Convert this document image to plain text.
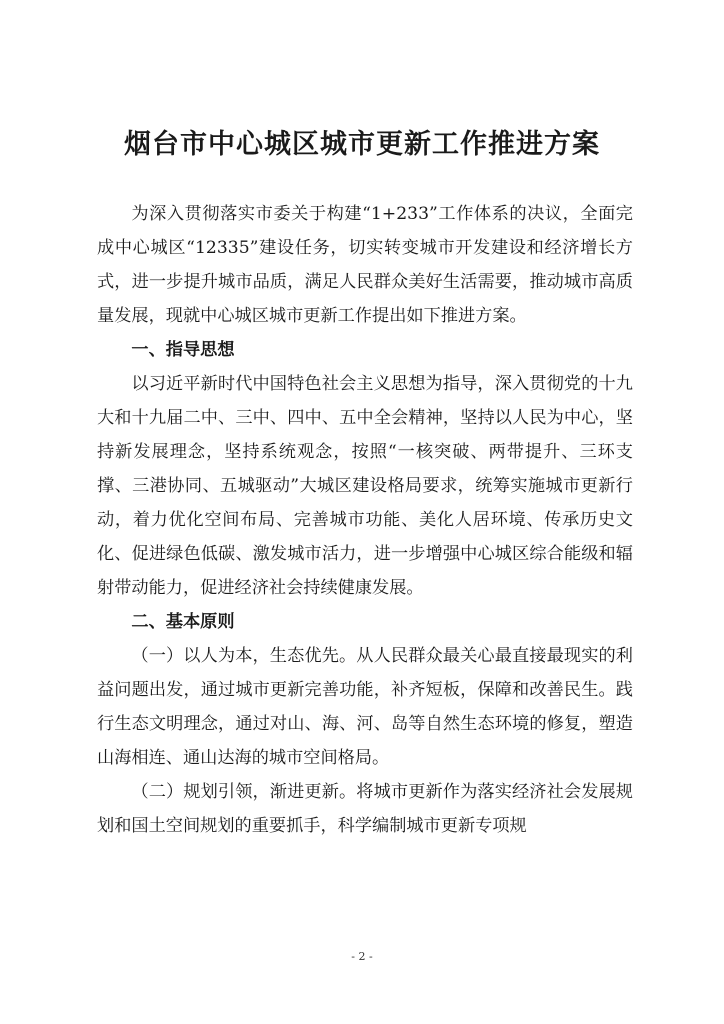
烟台市中心城区城市更新工作推进方案

为深入贯彻落实市委关于构建“1+233”工作体系的决议，全面完成中心城区“12335”建设任务，切实转变城市开发建设和经济增长方式，进一步提升城市品质，满足人民群众美好生活需要，推动城市高质量发展，现就中心城区城市更新工作提出如下推进方案。

一、指导思想

以习近平新时代中国特色社会主义思想为指导，深入贯彻党的十九大和十九届二中、三中、四中、五中全会精神，坚持以人民为中心，坚持新发展理念，坚持系统观念，按照“一核突破、两带提升、三环支撑、三港协同、五城驱动”大城区建设格局要求，统筹实施城市更新行动，着力优化空间布局、完善城市功能、美化人居环境、传承历史文化、促进绿色低碳、激发城市活力，进一步增强中心城区综合能级和辐射带动能力，促进经济社会持续健康发展。

二、基本原则

（一）以人为本，生态优先。从人民群众最关心最直接最现实的利益问题出发，通过城市更新完善功能，补齐短板，保障和改善民生。践行生态文明理念，通过对山、海、河、岛等自然生态环境的修复，塑造山海相连、通山达海的城市空间格局。

（二）规划引领，渐进更新。将城市更新作为落实经济社会发展规划和国土空间规划的重要抓手，科学编制城市更新专项规

- 2 -
